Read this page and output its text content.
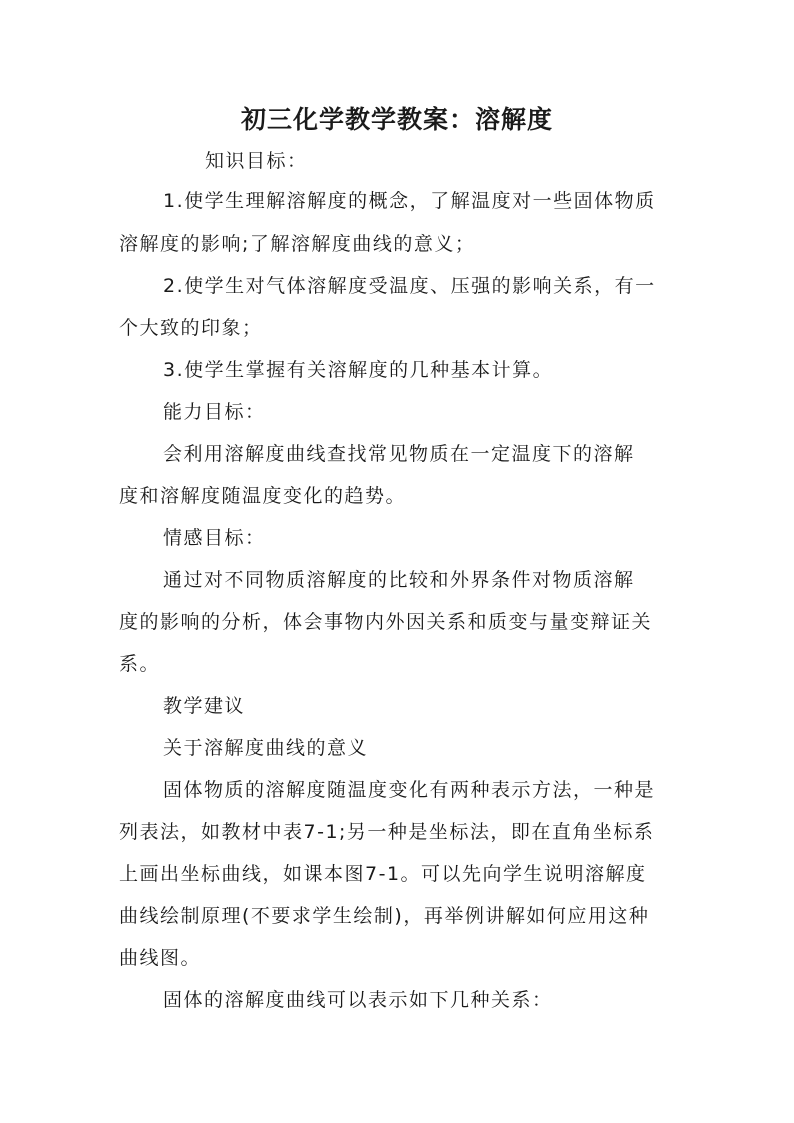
初三化学教学教案：溶解度

知识目标：

1.使学生理解溶解度的概念，了解温度对一些固体物质

溶解度的影响;了解溶解度曲线的意义；

2.使学生对气体溶解度受温度、压强的影响关系，有一

个大致的印象；

3.使学生掌握有关溶解度的几种基本计算。

能力目标：

会利用溶解度曲线查找常见物质在一定温度下的溶解

度和溶解度随温度变化的趋势。

情感目标：

通过对不同物质溶解度的比较和外界条件对物质溶解

度的影响的分析，体会事物内外因关系和质变与量变辩证关

系。

教学建议

关于溶解度曲线的意义

固体物质的溶解度随温度变化有两种表示方法，一种是

列表法，如教材中表7-1;另一种是坐标法，即在直角坐标系

上画出坐标曲线，如课本图7-1。可以先向学生说明溶解度

曲线绘制原理(不要求学生绘制)，再举例讲解如何应用这种

曲线图。

固体的溶解度曲线可以表示如下几种关系：
